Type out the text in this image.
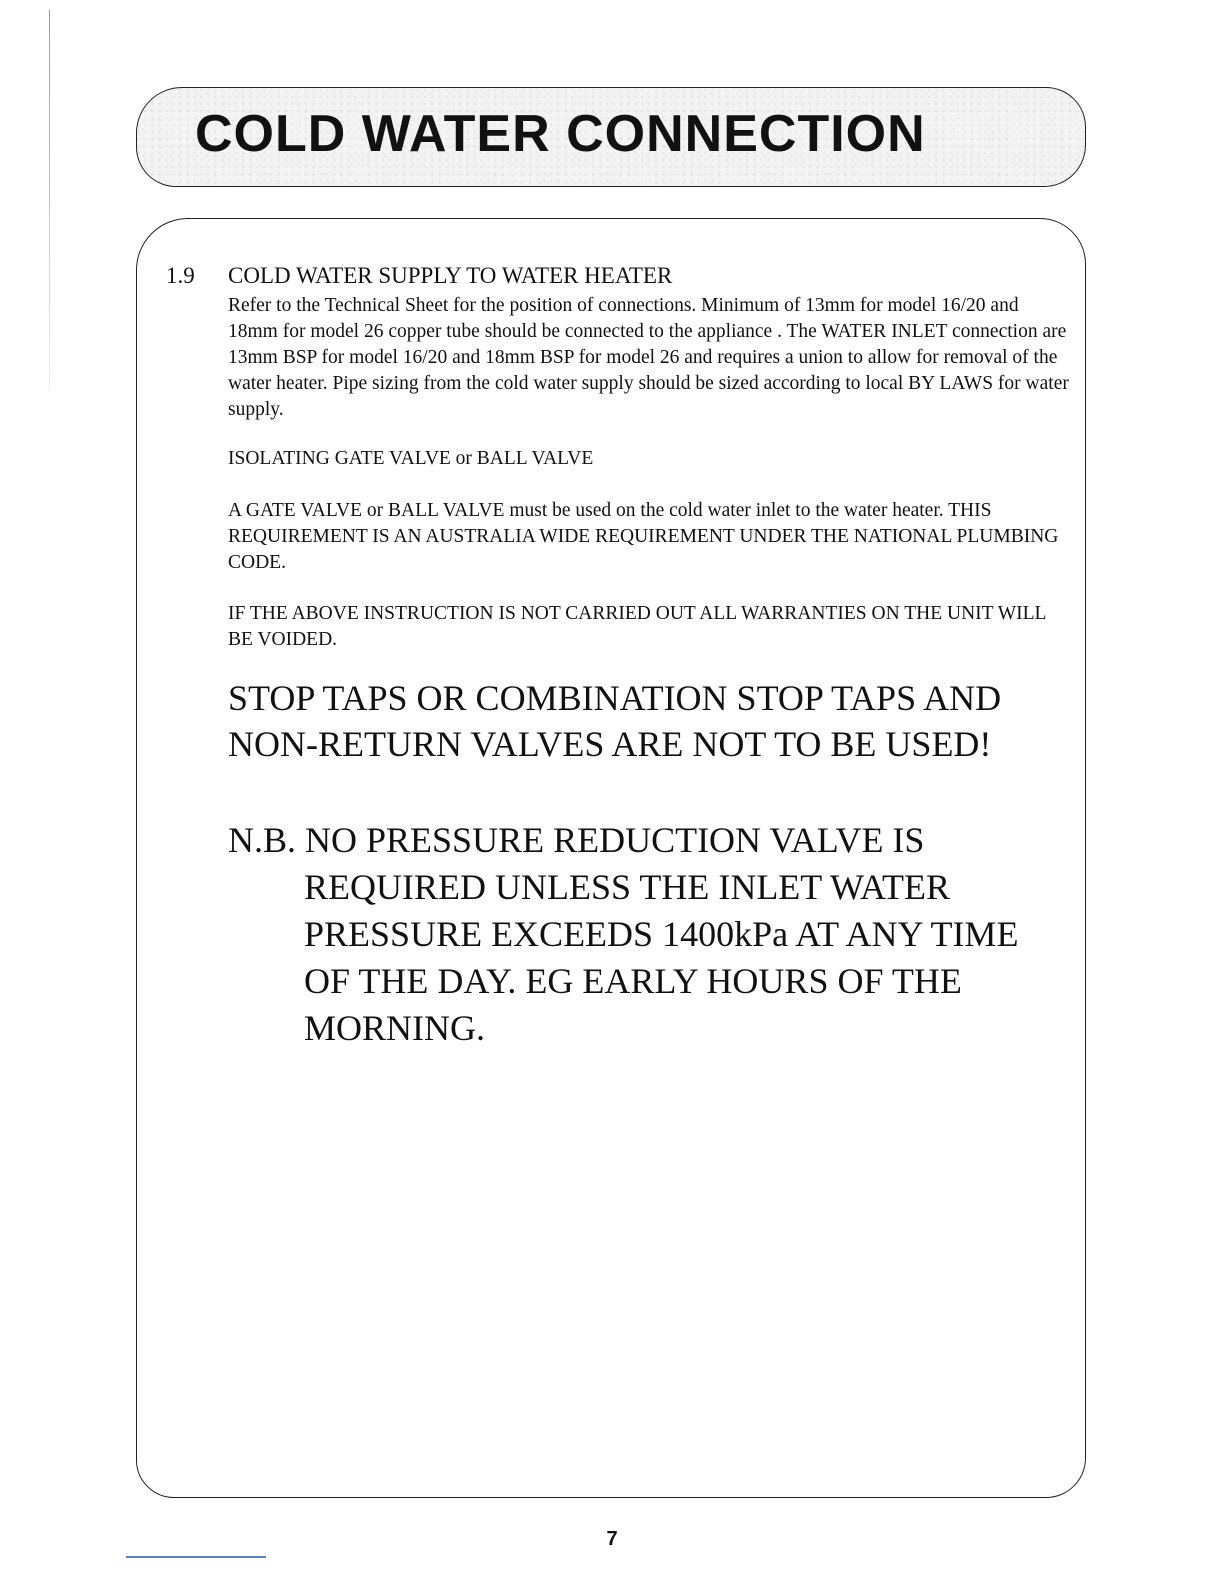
COLD WATER CONNECTION
1.9 COLD WATER SUPPLY TO WATER HEATER

Refer to the Technical Sheet for the position of connections. Minimum of 13mm for model 16/20 and 18mm for model 26 copper tube should be connected to the appliance . The WATER INLET connection are 13mm BSP for model 16/20 and 18mm BSP for model 26 and requires a union to allow for removal of the water heater. Pipe sizing from the cold water supply should be sized according to local BY LAWS for water supply.

ISOLATING GATE VALVE or BALL VALVE

A GATE VALVE or BALL VALVE must be used on the cold water inlet to the water heater. THIS REQUIREMENT IS AN AUSTRALIA WIDE REQUIREMENT UNDER THE NATIONAL PLUMBING CODE.

IF THE ABOVE INSTRUCTION IS NOT CARRIED OUT ALL WARRANTIES ON THE UNIT WILL BE VOIDED.

STOP TAPS OR COMBINATION STOP TAPS AND NON-RETURN VALVES ARE NOT TO BE USED!

N.B. NO PRESSURE REDUCTION VALVE IS REQUIRED UNLESS THE INLET WATER PRESSURE EXCEEDS 1400kPa AT ANY TIME OF THE DAY. EG EARLY HOURS OF THE MORNING.

7
